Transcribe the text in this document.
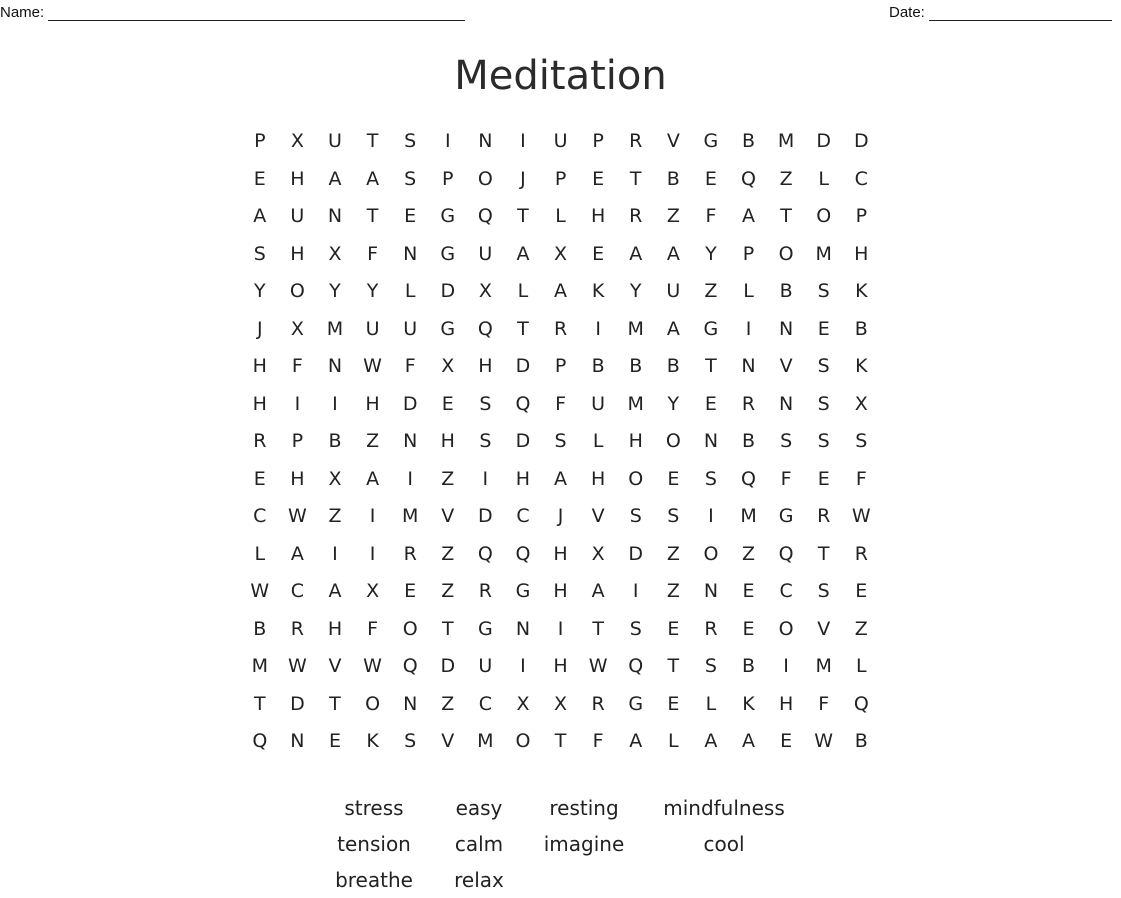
Name:	Date:
Meditation
P	X	U	T	S	I	N	I	U	P	R	V	G	B	M	D	D
E	H	A	A	S	P	O	J	P	E	T	B	E	Q	Z	L	C
A	U	N	T	E	G	Q	T	L	H	R	Z	F	A	T	O	P
S	H	X	F	N	G	U	A	X	E	A	A	Y	P	O	M	H
Y	O	Y	Y	L	D	X	L	A	K	Y	U	Z	L	B	S	K
J	X	M	U	U	G	Q	T	R	I	M	A	G	I	N	E	B
H	F	N	W	F	X	H	D	P	B	B	B	T	N	V	S	K
H	I	I	H	D	E	S	Q	F	U	M	Y	E	R	N	S	X
R	P	B	Z	N	H	S	D	S	L	H	O	N	B	S	S	S
E	H	X	A	I	Z	I	H	A	H	O	E	S	Q	F	E	F
C	W	Z	I	M	V	D	C	J	V	S	S	I	M	G	R	W
L	A	I	I	R	Z	Q	Q	H	X	D	Z	O	Z	Q	T	R
W	C	A	X	E	Z	R	G	H	A	I	Z	N	E	C	S	E
B	R	H	F	O	T	G	N	I	T	S	E	R	E	O	V	Z
M	W	V	W	Q	D	U	I	H	W	Q	T	S	B	I	M	L
T	D	T	O	N	Z	C	X	X	R	G	E	L	K	H	F	Q
Q	N	E	K	S	V	M	O	T	F	A	L	A	A	E	W	B
stress	easy	resting	mindfulness
tension	calm	imagine	cool
breathe	relax
